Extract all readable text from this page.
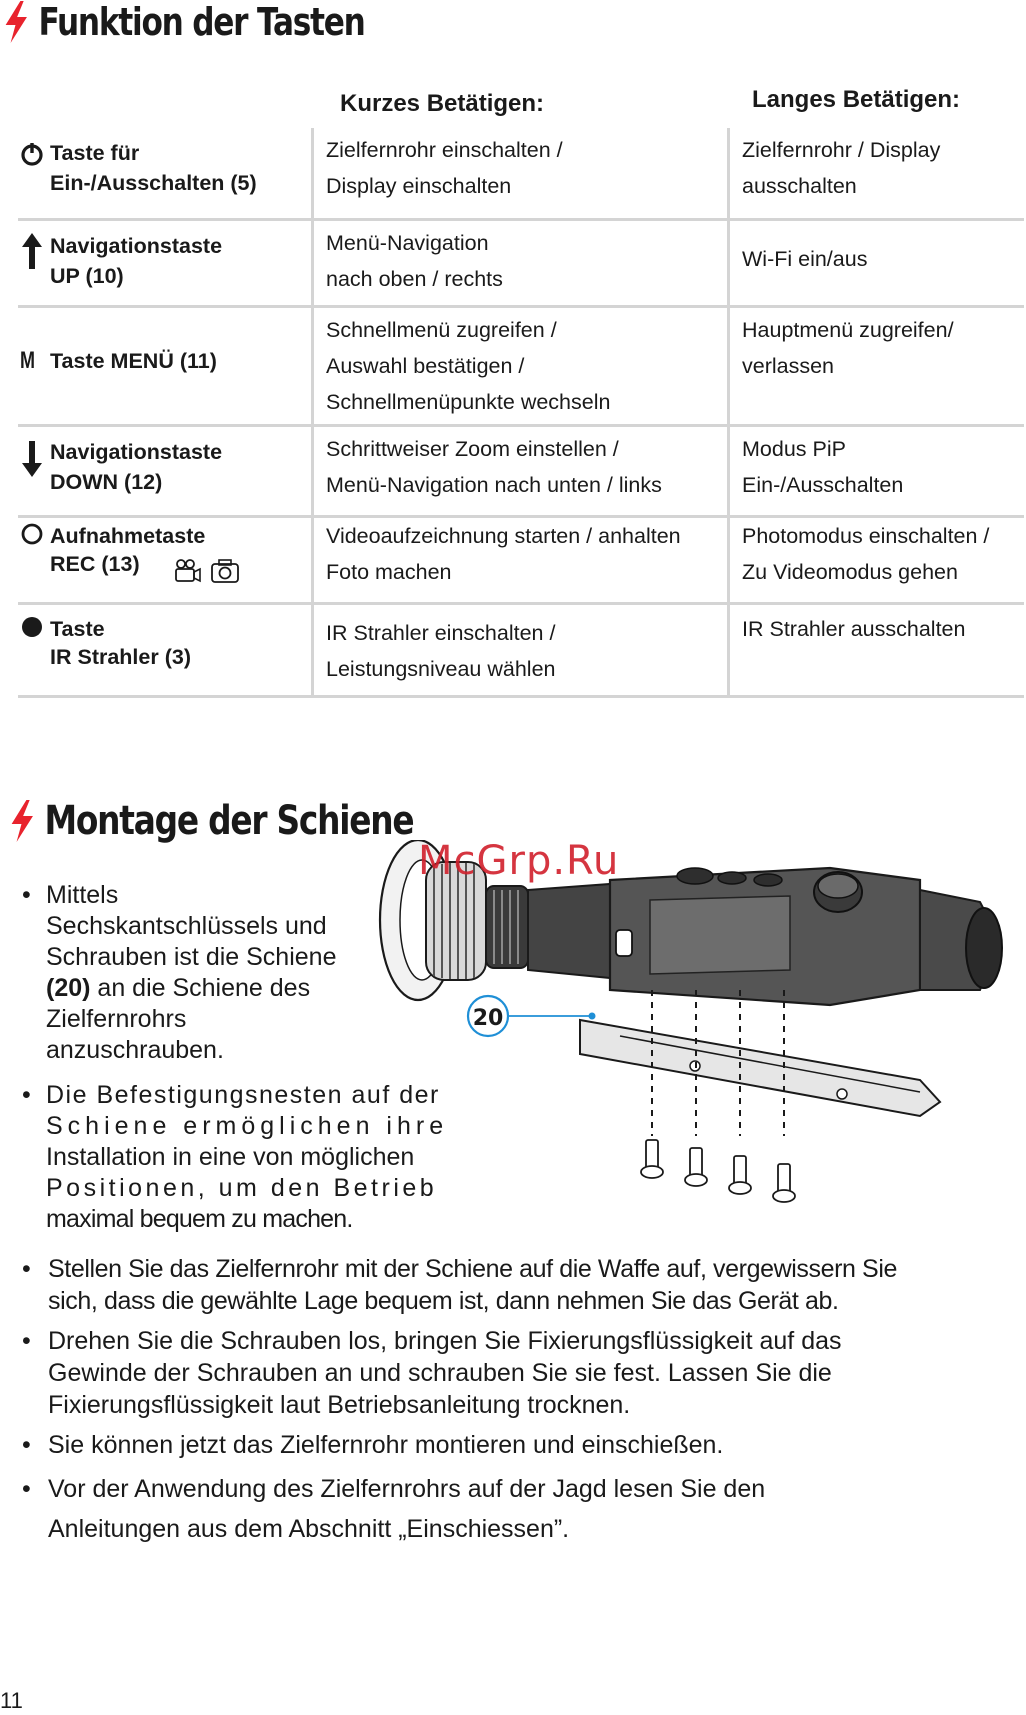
Funktion der Tasten
Kurzes Betätigen:	Langes Betätigen:
Taste für
Ein-/Ausschalten (5)
Zielfernrohr einschalten /
Display einschalten
Zielfernrohr / Display
ausschalten
Navigationstaste
UP (10)
Menü-Navigation
nach oben / rechts
Wi-Fi ein/aus
M Taste MENÜ (11)
Schnellmenü zugreifen /
Auswahl bestätigen /
Schnellmenüpunkte wechseln
Hauptmenü zugreifen/
verlassen
Navigationstaste
DOWN (12)
Schrittweiser Zoom einstellen /
Menü-Navigation nach unten / links
Modus PiP
Ein-/Ausschalten
Aufnahmetaste
REC (13)
Videoaufzeichnung starten / anhalten
Foto machen
Photomodus einschalten /
Zu Videomodus gehen
Taste
IR Strahler (3)
IR Strahler einschalten /
Leistungsniveau wählen
IR Strahler ausschalten
Montage der Schiene
20
McGrp.Ru
• Mittels
Sechskantschlüssels und
Schrauben ist die Schiene
(20) an die Schiene des
Zielfernrohrs
anzuschrauben.
• Die Befestigungsnesten auf der
Schiene ermöglichen ihre
Installation in eine von möglichen
Positionen, um den Betrieb
maximal bequem zu machen.
• Stellen Sie das Zielfernrohr mit der Schiene auf die Waffe auf, vergewissern Sie
sich, dass die gewählte Lage bequem ist, dann nehmen Sie das Gerät ab.
• Drehen Sie die Schrauben los, bringen Sie Fixierungsflüssigkeit auf das
Gewinde der Schrauben an und schrauben Sie sie fest. Lassen Sie die
Fixierungsflüssigkeit laut Betriebsanleitung trocknen.
• Sie können jetzt das Zielfernrohr montieren und einschießen.
• Vor der Anwendung des Zielfernrohrs auf der Jagd lesen Sie den
Anleitungen aus dem Abschnitt „Einschiessen”.
11
